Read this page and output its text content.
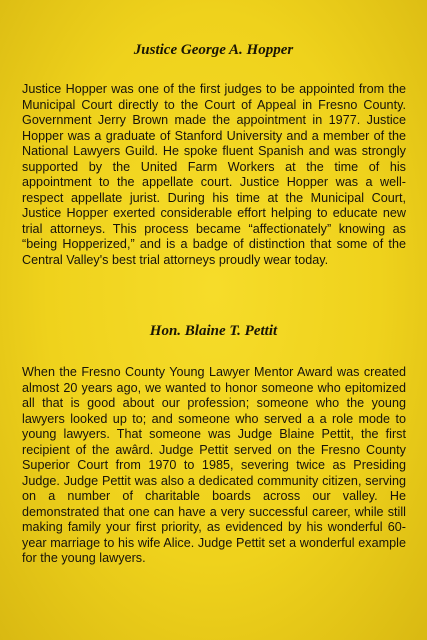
Justice George A. Hopper

Justice Hopper was one of the first judges to be appointed from the Municipal Court directly to the Court of Appeal in Fresno County. Government Jerry Brown made the appointment in 1977. Justice Hopper was a graduate of Stanford University and a member of the National Lawyers Guild. He spoke fluent Spanish and was strongly supported by the United Farm Workers at the time of his appointment to the appellate court. Justice Hopper was a well-respect appellate jurist. During his time at the Municipal Court, Justice Hopper exerted considerable effort helping to educate new trial attorneys. This process became “affectionately” knowing as “being Hopperized,” and is a badge of distinction that some of the Central Valley's best trial attorneys proudly wear today.

Hon. Blaine T. Pettit

When the Fresno County Young Lawyer Mentor Award was created almost 20 years ago, we wanted to honor someone who epitomized all that is good about our profession; someone who the young lawyers looked up to; and someone who served a a role mode to young lawyers. That someone was Judge Blaine Pettit, the first recipient of the awârd. Judge Pettit served on the Fresno County Superior Court from 1970 to 1985, severing twice as Presiding Judge. Judge Pettit was also a dedicated community citizen, serving on a number of charitable boards across our valley. He demonstrated that one can have a very successful career, while still making family your first priority, as evidenced by his wonderful 60-year marriage to his wife Alice. Judge Pettit set a wonderful example for the young lawyers.
